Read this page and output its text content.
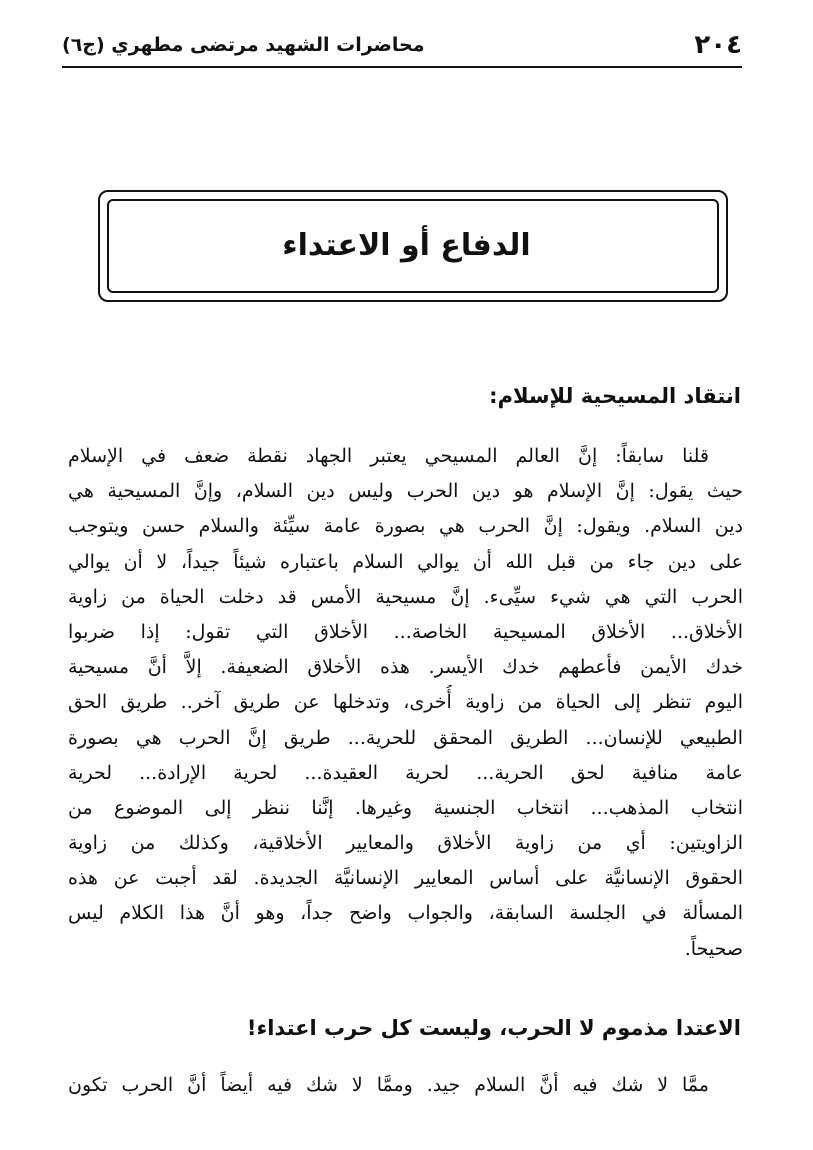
٢٠٤
محاضرات الشهيد مرتضى مطهري (ج٦)
الدفاع أو الاعتداء
انتقاد المسيحية للإسلام:
قلنا سابقاً: إنَّ العالم المسيحي يعتبر الجهاد نقطة ضعف في الإسلام
حيث يقول: إنَّ الإسلام هو دين الحرب وليس دين السلام، وإنَّ المسيحية هي
دين السلام. ويقول: إنَّ الحرب هي بصورة عامة سيِّئة والسلام حسن ويتوجب
على دين جاء من قبل الله أن يوالي السلام باعتباره شيئاً جيداً، لا أن يوالي
الحرب التي هي شيء سيِّىء. إنَّ مسيحية الأمس قد دخلت الحياة من زاوية
الأخلاق... الأخلاق المسيحية الخاصة... الأخلاق التي تقول: إذا ضربوا
خدك الأيمن فأعطهم خدك الأيسر. هذه الأخلاق الضعيفة. إلاَّ أنَّ مسيحية
اليوم تنظر إلى الحياة من زاوية أُخرى، وتدخلها عن طريق آخر.. طريق الحق
الطبيعي للإنسان... الطريق المحقق للحرية... طريق إنَّ الحرب هي بصورة
عامة منافية لحق الحرية... لحرية العقيدة... لحرية الإرادة... لحرية
انتخاب المذهب... انتخاب الجنسية وغيرها. إنَّنا ننظر إلى الموضوع من
الزاويتين: أي من زاوية الأخلاق والمعايير الأخلاقية، وكذلك من زاوية
الحقوق الإنسانيَّة على أساس المعايير الإنسانيَّة الجديدة. لقد أجبت عن هذه
المسألة في الجلسة السابقة، والجواب واضح جداً، وهو أنَّ هذا الكلام ليس
صحيحاً.
الاعتدا مذموم لا الحرب، وليست كل حرب اعتداء!
ممَّا لا شك فيه أنَّ السلام جيد. وممَّا لا شك فيه أيضاً أنَّ الحرب تكون
